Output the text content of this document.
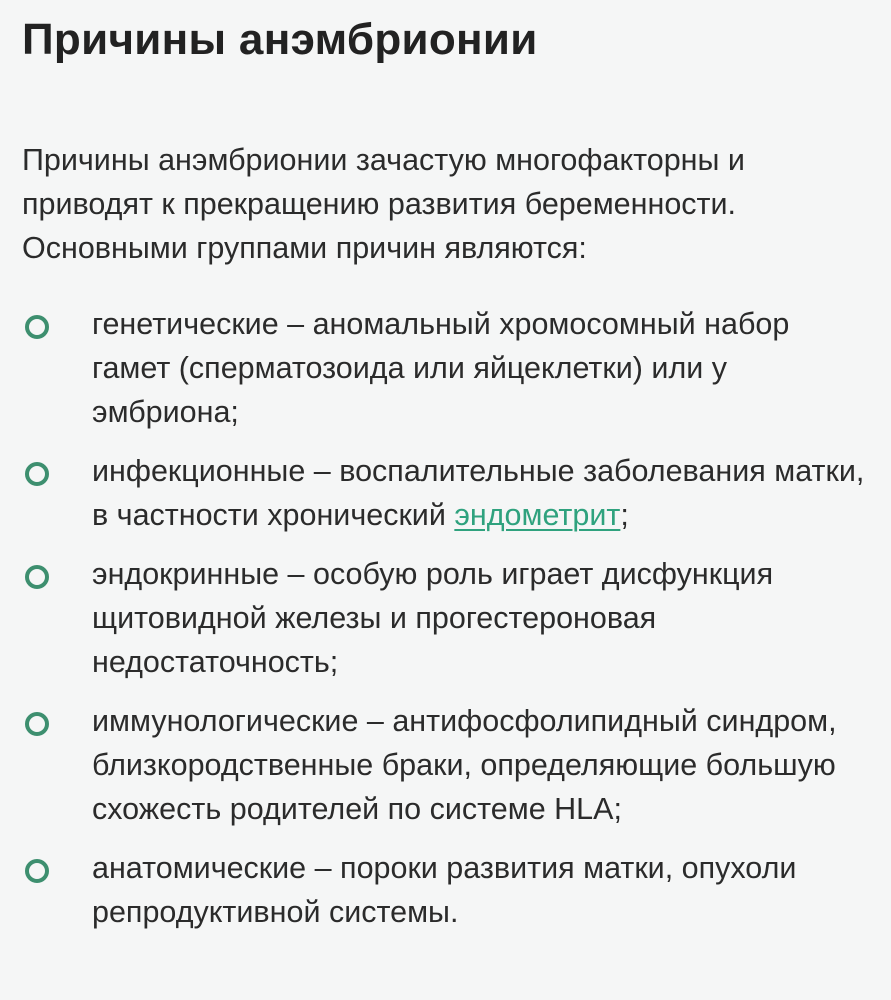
Причины анэмбрионии

Причины анэмбрионии зачастую многофакторны и приводят к прекращению развития беременности. Основными группами причин являются:

генетические – аномальный хромосомный набор гамет (сперматозоида или яйцеклетки) или у эмбриона;
инфекционные – воспалительные заболевания матки, в частности хронический эндометрит;
эндокринные – особую роль играет дисфункция щитовидной железы и прогестероновая недостаточность;
иммунологические – антифосфолипидный синдром, близкородственные браки, определяющие большую схожесть родителей по системе HLA;
анатомические – пороки развития матки, опухоли репродуктивной системы.
